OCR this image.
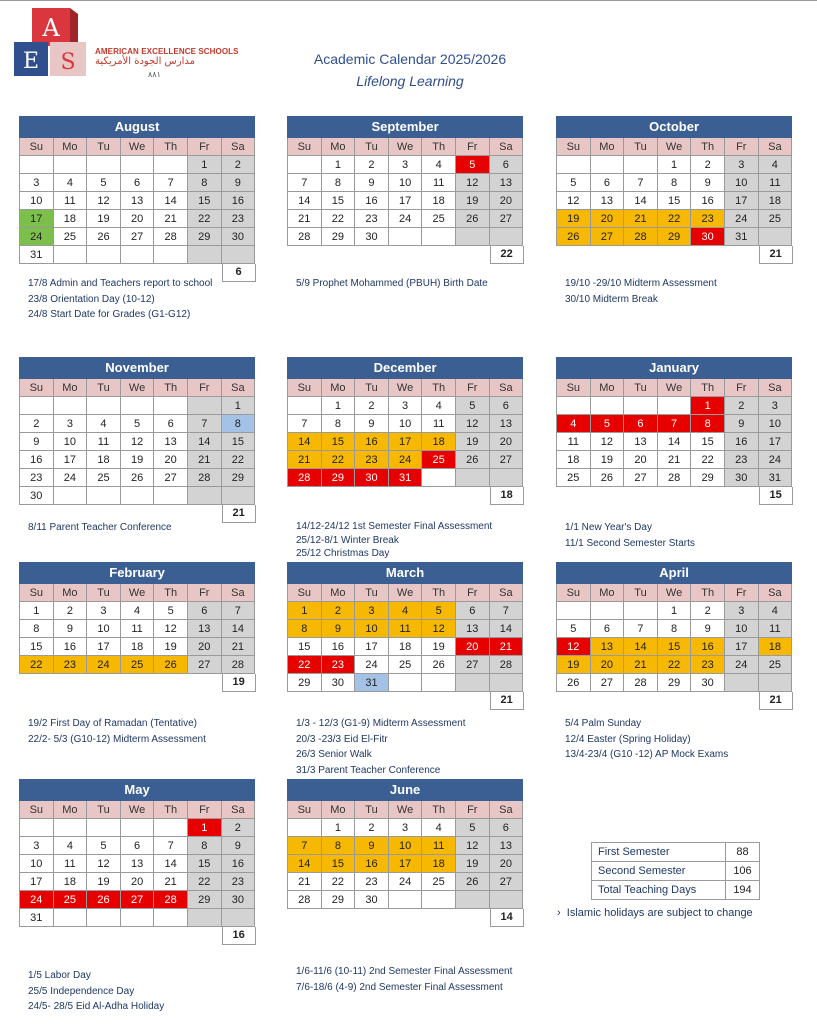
A
E S AMERICAN EXCELLENCE SCHOOLS
مدارس الجودة الأمريكية
٨٨١
Academic Calendar 2025/2026
Lifelong Learning
August						
Su	Mo	Tu	We	Th	Fr	Sa
					1	2
3	4	5	6	7	8	9
10	11	12	13	14	15	16
17	18	19	20	21	22	23
24	25	26	27	28	29	30
31						
6
September						
Su	Mo	Tu	We	Th	Fr	Sa
	1	2	3	4	5	6
7	8	9	10	11	12	13
14	15	16	17	18	19	20
21	22	23	24	25	26	27
28	29	30				
22
October						
Su	Mo	Tu	We	Th	Fr	Sa
			1	2	3	4
5	6	7	8	9	10	11
12	13	14	15	16	17	18
19	20	21	22	23	24	25
26	27	28	29	30	31	
21
November						
Su	Mo	Tu	We	Th	Fr	Sa
						1
2	3	4	5	6	7	8
9	10	11	12	13	14	15
16	17	18	19	20	21	22
23	24	25	26	27	28	29
30						
21
December						
Su	Mo	Tu	We	Th	Fr	Sa
	1	2	3	4	5	6
7	8	9	10	11	12	13
14	15	16	17	18	19	20
21	22	23	24	25	26	27
28	29	30	31			
18
January						
Su	Mo	Tu	We	Th	Fr	Sa
				1	2	3
4	5	6	7	8	9	10
11	12	13	14	15	16	17
18	19	20	21	22	23	24
25	26	27	28	29	30	31
15
February						
Su	Mo	Tu	We	Th	Fr	Sa
1	2	3	4	5	6	7
8	9	10	11	12	13	14
15	16	17	18	19	20	21
22	23	24	25	26	27	28
19
March						
Su	Mo	Tu	We	Th	Fr	Sa
1	2	3	4	5	6	7
8	9	10	11	12	13	14
15	16	17	18	19	20	21
22	23	24	25	26	27	28
29	30	31				
21
April						
Su	Mo	Tu	We	Th	Fr	Sa
			1	2	3	4
5	6	7	8	9	10	11
12	13	14	15	16	17	18
19	20	21	22	23	24	25
26	27	28	29	30		
21
May						
Su	Mo	Tu	We	Th	Fr	Sa
					1	2
3	4	5	6	7	8	9
10	11	12	13	14	15	16
17	18	19	20	21	22	23
24	25	26	27	28	29	30
31						
16
June						
Su	Mo	Tu	We	Th	Fr	Sa
	1	2	3	4	5	6
7	8	9	10	11	12	13
14	15	16	17	18	19	20
21	22	23	24	25	26	27
28	29	30				
14
17/8 Admin and Teachers report to school
23/8 Orientation Day (10-12)
24/8 Start Date for Grades (G1-G12)
5/9 Prophet Mohammed (PBUH) Birth Date	19/10 -29/10 Midterm Assessment
30/10 Midterm Break
8/11 Parent Teacher Conference	14/12-24/12 1st Semester Final Assessment
25/12-8/1 Winter Break
25/12 Christmas Day
1/1 New Year's Day
11/1 Second Semester Starts
19/2 First Day of Ramadan (Tentative)
22/2- 5/3 (G10-12) Midterm Assessment
1/3 - 12/3 (G1-9) Midterm Assessment
20/3 -23/3 Eid El-Fitr
26/3 Senior Walk
31/3 Parent Teacher Conference
5/4 Palm Sunday
12/4 Easter (Spring Holiday)
13/4-23/4 (G10 -12) AP Mock Exams
1/5 Labor Day
25/5 Independence Day
24/5- 28/5 Eid Al-Adha Holiday
1/6-11/6 (10-11) 2nd Semester Final Assessment
7/6-18/6 (4-9) 2nd Semester Final Assessment
First Semester	88
Second Semester	106
Total Teaching Days	194
› Islamic holidays are subject to change
